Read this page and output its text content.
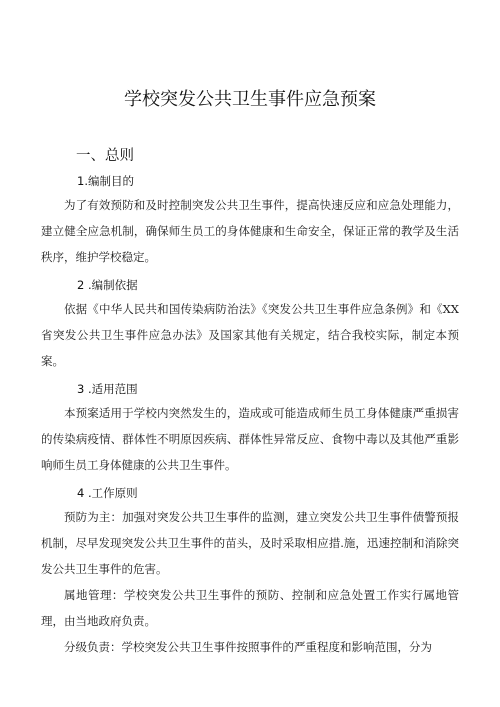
学校突发公共卫生事件应急预案
一、总则
1.编制目的

为了有效预防和及时控制突发公共卫生事件，提高快速反应和应急处理能力，建立健全应急机制，确保师生员工的身体健康和生命安全，保证正常的教学及生活秩序，维护学校稳定。

2 .编制依据

依据《中华人民共和国传染病防治法》《突发公共卫生事件应急条例》和《XX省突发公共卫生事件应急办法》及国家其他有关规定，结合我校实际，制定本预案。

3 .适用范围

本预案适用于学校内突然发生的，造成或可能造成师生员工身体健康严重损害的传染病疫情、群体性不明原因疾病、群体性异常反应、食物中毒以及其他严重影响师生员工身体健康的公共卫生事件。

4 .工作原则

预防为主：加强对突发公共卫生事件的监测，建立突发公共卫生事件债警预报机制，尽早发现突发公共卫生事件的苗头，及时采取相应措.施，迅速控制和消除突发公共卫生事件的危害。

属地管理：学校突发公共卫生事件的预防、控制和应急处置工作实行属地管理，由当地政府负责。

分级负责：学校突发公共卫生事件按照事件的严重程度和影响范围，分为
